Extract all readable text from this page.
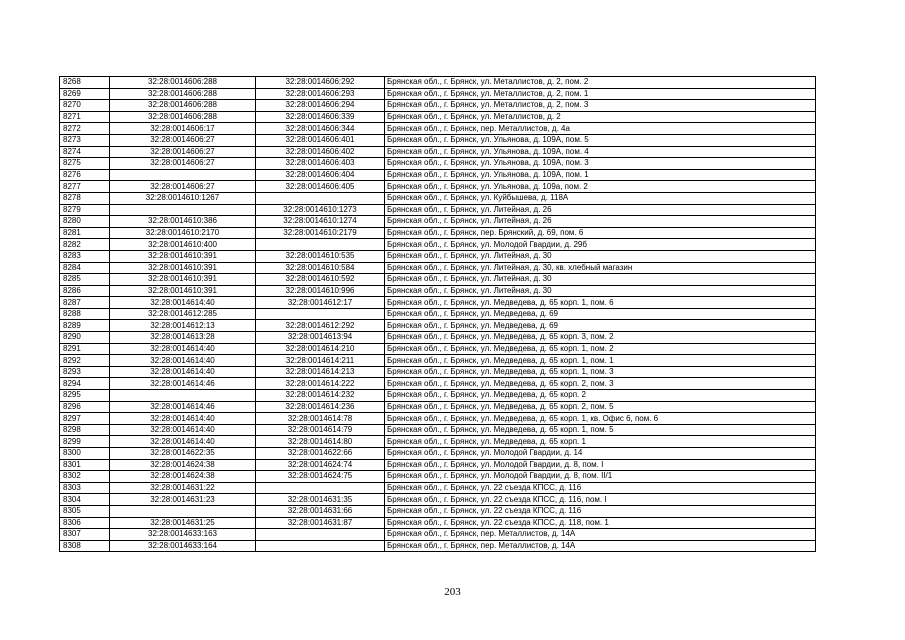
8268	32:28:0014606:288	32:28:0014606:292	Брянская обл., г. Брянск, ул. Металлистов, д. 2, пом. 2
8269	32:28:0014606:288	32:28:0014606:293	Брянская обл., г. Брянск, ул. Металлистов, д. 2, пом. 1
8270	32:28:0014606:288	32:28:0014606:294	Брянская обл., г. Брянск, ул. Металлистов, д. 2, пом. 3
8271	32:28:0014606:288	32:28:0014606:339	Брянская обл., г. Брянск, ул. Металлистов, д. 2
8272	32:28:0014606:17	32:28:0014606:344	Брянская обл., г. Брянск, пер. Металлистов, д. 4а
8273	32:28:0014606:27	32:28:0014606:401	Брянская обл., г. Брянск, ул. Ульянова, д. 109А, пом. 5
8274	32:28:0014606:27	32:28:0014606:402	Брянская обл., г. Брянск, ул. Ульянова, д. 109А, пом. 4
8275	32:28:0014606:27	32:28:0014606:403	Брянская обл., г. Брянск, ул. Ульянова, д. 109А, пом. 3
8276		32:28:0014606:404	Брянская обл., г. Брянск, ул. Ульянова, д. 109А, пом. 1
8277	32:28:0014606:27	32:28:0014606:405	Брянская обл., г. Брянск, ул. Ульянова, д. 109а, пом. 2
8278	32:28:0014610:1267		Брянская обл., г. Брянск, ул. Куйбышева, д. 118А
8279		32:28:0014610:1273	Брянская обл., г. Брянск, ул. Литейная, д. 26
8280	32:28:0014610:386	32:28:0014610:1274	Брянская обл., г. Брянск, ул. Литейная, д. 26
8281	32:28:0014610:2170	32:28:0014610:2179	Брянская обл., г. Брянск, пер. Брянский, д. 69, пом. 6
8282	32:28:0014610:400		Брянская обл., г. Брянск, ул. Молодой Гвардии, д. 29б
8283	32:28:0014610:391	32:28:0014610:535	Брянская обл., г. Брянск, ул. Литейная, д. 30
8284	32:28:0014610:391	32:28:0014610:584	Брянская обл., г. Брянск, ул. Литейная, д. 30, кв. хлебный магазин
8285	32:28:0014610:391	32:28:0014610:592	Брянская обл., г. Брянск, ул. Литейная, д. 30
8286	32:28:0014610:391	32:28:0014610:996	Брянская обл., г. Брянск, ул. Литейная, д. 30
8287	32:28:0014614:40	32:28:0014612:17	Брянская обл., г. Брянск, ул. Медведева, д. 65 корп. 1, пом. 6
8288	32:28:0014612:285		Брянская обл., г. Брянск, ул. Медведева, д. 69
8289	32:28:0014612:13	32:28:0014612:292	Брянская обл., г. Брянск, ул. Медведева, д. 69
8290	32:28:0014613:28	32:28:0014613:94	Брянская обл., г. Брянск, ул. Медведева, д. 65 корп. 3, пом. 2
8291	32:28:0014614:40	32:28:0014614:210	Брянская обл., г. Брянск, ул. Медведева, д. 65 корп. 1, пом. 2
8292	32:28:0014614:40	32:28:0014614:211	Брянская обл., г. Брянск, ул. Медведева, д. 65 корп. 1, пом. 1
8293	32:28:0014614:40	32:28:0014614:213	Брянская обл., г. Брянск, ул. Медведева, д. 65 корп. 1, пом. 3
8294	32:28:0014614:46	32:28:0014614:222	Брянская обл., г. Брянск, ул. Медведева, д. 65 корп. 2, пом. 3
8295		32:28:0014614:232	Брянская обл., г. Брянск, ул. Медведева, д. 65 корп. 2
8296	32:28:0014614:46	32:28:0014614:236	Брянская обл., г. Брянск, ул. Медведева, д. 65 корп. 2, пом. 5
8297	32:28:0014614:40	32:28:0014614:78	Брянская обл., г. Брянск, ул. Медведева, д. 65 корп. 1, кв. Офис 6, пом. 6
8298	32:28:0014614:40	32:28:0014614:79	Брянская обл., г. Брянск, ул. Медведева, д. 65 корп. 1, пом. 5
8299	32:28:0014614:40	32:28:0014614:80	Брянская обл., г. Брянск, ул. Медведева, д. 65 корп. 1
8300	32:28:0014622:35	32:28:0014622:66	Брянская обл., г. Брянск, ул. Молодой Гвардии, д. 14
8301	32:28:0014624:38	32:28:0014624:74	Брянская обл., г. Брянск, ул. Молодой Гвардии, д. 8, пом. I
8302	32:28:0014624:38	32:28:0014624:75	Брянская обл., г. Брянск, ул. Молодой Гвардии, д. 8, пом. II/1
8303	32:28:0014631:22		Брянская обл., г. Брянск, ул. 22 съезда КПСС, д. 116
8304	32:28:0014631:23	32:28:0014631:35	Брянская обл., г. Брянск, ул. 22 съезда КПСС, д. 116, пом. I
8305		32:28:0014631:66	Брянская обл., г. Брянск, ул. 22 съезда КПСС, д. 116
8306	32:28:0014631:25	32:28:0014631:87	Брянская обл., г. Брянск, ул. 22 съезда КПСС, д. 118, пом. 1
8307	32:28:0014633:163		Брянская обл., г. Брянск, пер. Металлистов, д. 14А
8308	32:28:0014633:164		Брянская обл., г. Брянск, пер. Металлистов, д. 14А
203
